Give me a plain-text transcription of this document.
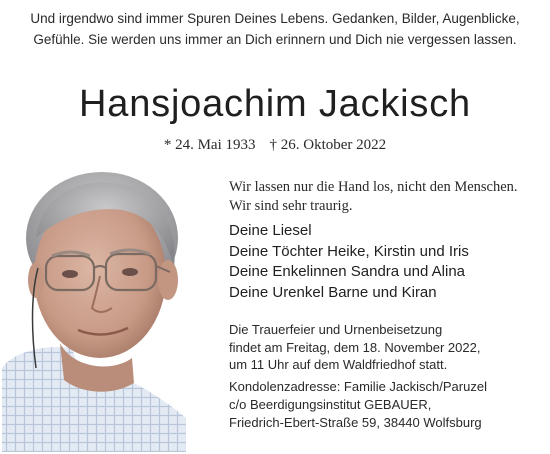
Und irgendwo sind immer Spuren Deines Lebens. Gedanken, Bilder, Augenblicke,
Gefühle. Sie werden uns immer an Dich erinnern und Dich nie vergessen lassen.
Hansjoachim Jackisch
* 24. Mai 1933 † 26. Oktober 2022
Wir lassen nur die Hand los, nicht den Menschen.
Wir sind sehr traurig.
Deine Liesel
Deine Töchter Heike, Kirstin und Iris
Deine Enkelinnen Sandra und Alina
Deine Urenkel Barne und Kiran
Die Trauerfeier und Urnenbeisetzung
findet am Freitag, dem 18. November 2022,
um 11 Uhr auf dem Waldfriedhof statt.
Kondolenzadresse: Familie Jackisch/Paruzel
c/o Beerdigungsinstitut GEBAUER,
Friedrich-Ebert-Straße 59, 38440 Wolfsburg
